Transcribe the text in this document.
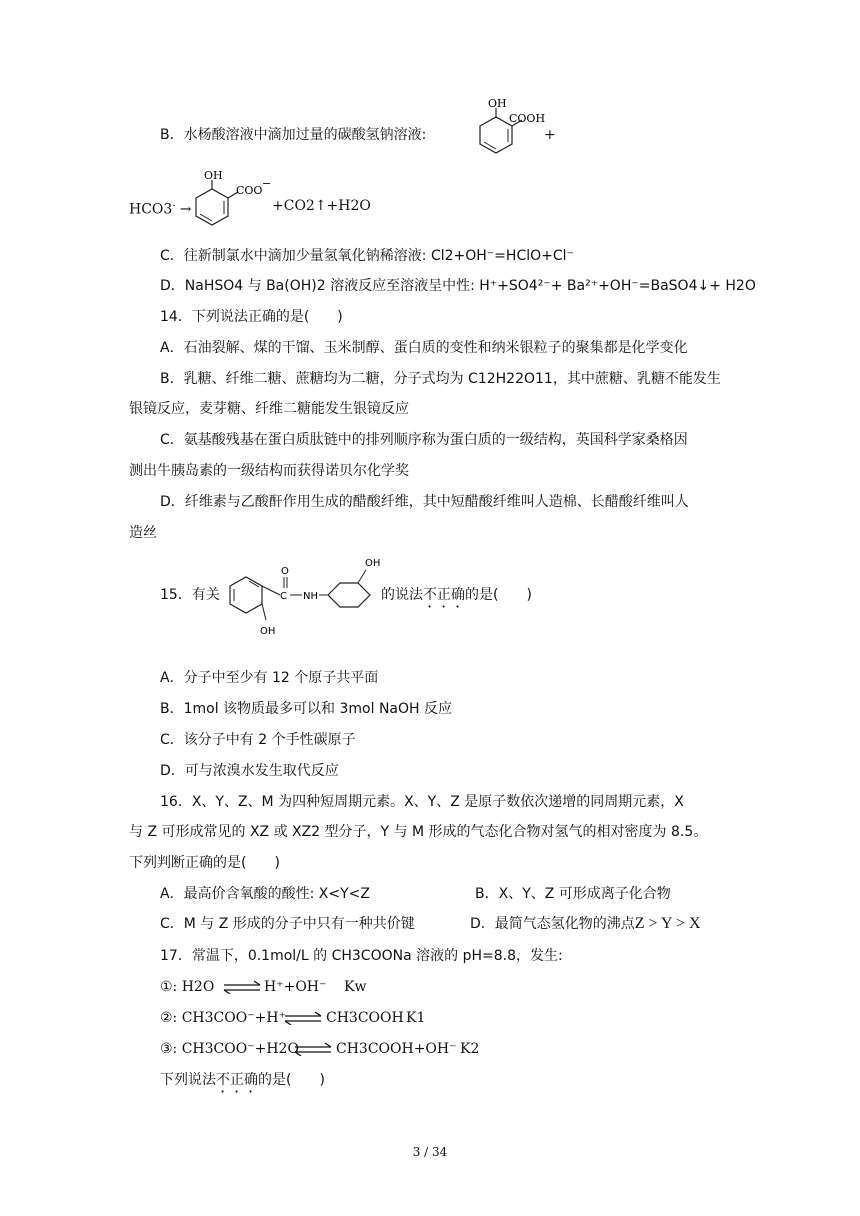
B．水杨酸溶液中滴加过量的碳酸氢钠溶液:
OH
COOH
+
HCO3- →
OH
COO
−
+CO2↑+H2O
C．往新制氯水中滴加少量氢氧化钠稀溶液: Cl2+OH⁻=HClO+Cl⁻
D．NaHSO4 与 Ba(OH)2 溶液反应至溶液呈中性: H⁺+SO4²⁻+ Ba²⁺+OH⁻=BaSO4↓+ H2O
14．下列说法正确的是(　　)
A．石油裂解、煤的干馏、玉米制醇、蛋白质的变性和纳米银粒子的聚集都是化学变化
B．乳糖、纤维二糖、蔗糖均为二糖，分子式均为 C12H22O11，其中蔗糖、乳糖不能发生
银镜反应，麦芽糖、纤维二糖能发生银镜反应
C．氨基酸残基在蛋白质肽链中的排列顺序称为蛋白质的一级结构，英国科学家桑格因
测出牛胰岛素的一级结构而获得诺贝尔化学奖
D．纤维素与乙酸酐作用生成的醋酸纤维，其中短醋酸纤维叫人造棉、长醋酸纤维叫人
造丝
15．有关	C
O
NH
OH
OH
的说法不正确的是(　　)
A．分子中至少有 12 个原子共平面
B．1mol 该物质最多可以和 3mol NaOH 反应
C．该分子中有 2 个手性碳原子
D．可与浓溴水发生取代反应
16．X、Y、Z、M 为四种短周期元素。X、Y、Z 是原子数依次递增的同周期元素，X
与 Z 可形成常见的 XZ 或 XZ2 型分子，Y 与 M 形成的气态化合物对氢气的相对密度为 8.5。
下列判断正确的是(　　)
A．最高价含氧酸的酸性: X<Y<Z	B．X、Y、Z 可形成离子化合物
C．M 与 Z 形成的分子中只有一种共价键	D．最简气态氢化物的沸点Z > Y > X
17．常温下，0.1mol/L 的 CH3COONa 溶液的 pH=8.8，发生:
①: H2O ⇌ H⁺+OH⁻ Kw
②: CH3COO⁻+H⁺ ⇌ CH3COOH K1
③: CH3COO⁻+H2O ⇌ CH3COOH+OH⁻ K2
下列说法不正确的是(　　)
3 / 34
